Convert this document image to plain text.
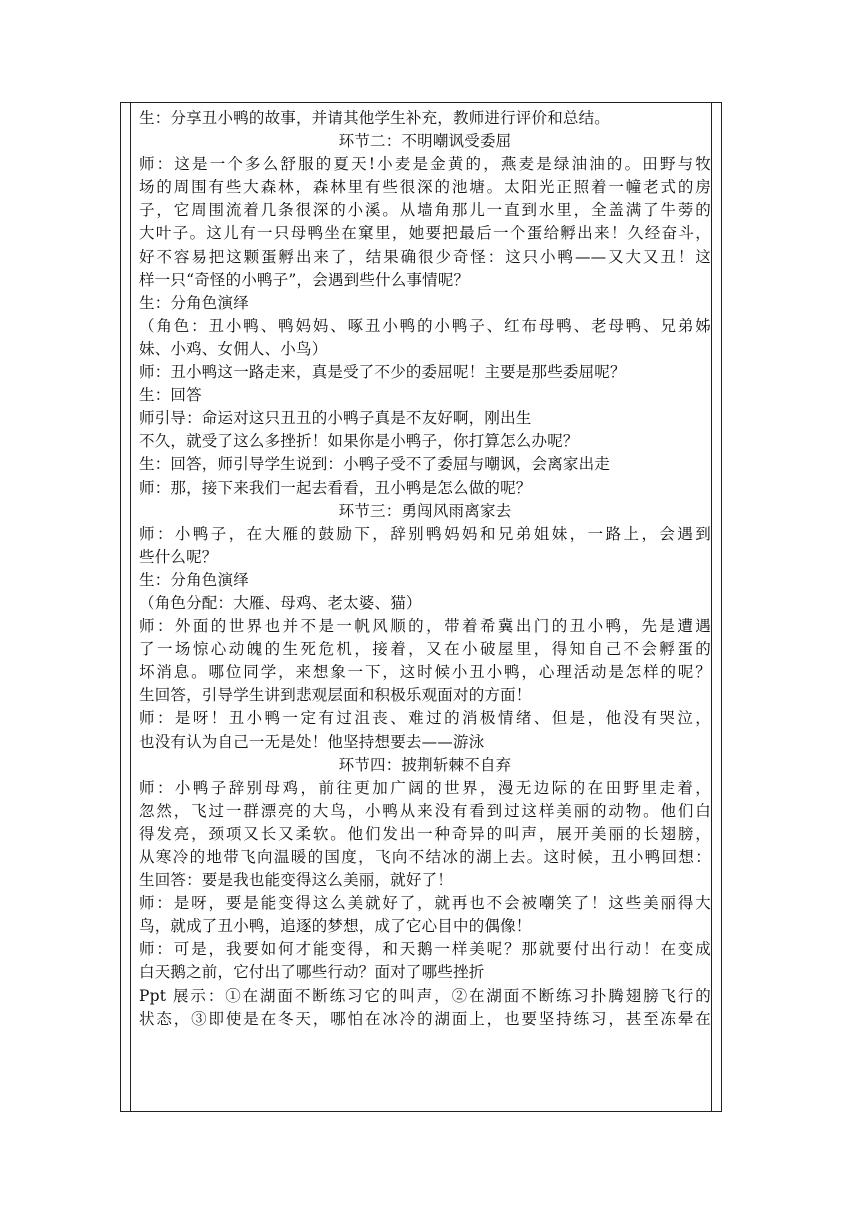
生：分享丑小鸭的故事，并请其他学生补充，教师进行评价和总结。
环节二：不明嘲讽受委屈
师：这是一个多么舒服的夏天!小麦是金黄的，燕麦是绿油油的。田野与牧
场的周围有些大森林，森林里有些很深的池塘。太阳光正照着一幢老式的房
子，它周围流着几条很深的小溪。从墙角那儿一直到水里，全盖满了牛蒡的
大叶子。这儿有一只母鸭坐在窠里，她要把最后一个蛋给孵出来！久经奋斗，
好不容易把这颗蛋孵出来了，结果确很少奇怪：这只小鸭——又大又丑！这
样一只“奇怪的小鸭子”，会遇到些什么事情呢？
生：分角色演绎
（角色：丑小鸭、鸭妈妈、啄丑小鸭的小鸭子、红布母鸭、老母鸭、兄弟姊
妹、小鸡、女佣人、小鸟）
师：丑小鸭这一路走来，真是受了不少的委屈呢！主要是那些委屈呢？
生：回答
师引导：命运对这只丑丑的小鸭子真是不友好啊，刚出生
不久，就受了这么多挫折！如果你是小鸭子，你打算怎么办呢？
生：回答，师引导学生说到：小鸭子受不了委屈与嘲讽，会离家出走
师：那，接下来我们一起去看看，丑小鸭是怎么做的呢？
环节三：勇闯风雨离家去
师：小鸭子，在大雁的鼓励下，辞别鸭妈妈和兄弟姐妹，一路上，会遇到
些什么呢？
生：分角色演绎
（角色分配：大雁、母鸡、老太婆、猫）
师：外面的世界也并不是一帆风顺的，带着希冀出门的丑小鸭，先是遭遇
了一场惊心动魄的生死危机，接着，又在小破屋里，得知自己不会孵蛋的
坏消息。哪位同学，来想象一下，这时候小丑小鸭，心理活动是怎样的呢？
生回答，引导学生讲到悲观层面和积极乐观面对的方面！
师：是呀！丑小鸭一定有过沮丧、难过的消极情绪、但是，他没有哭泣，
也没有认为自己一无是处！他坚持想要去——游泳
环节四：披荆斩棘不自弃
师：小鸭子辞别母鸡，前往更加广阔的世界，漫无边际的在田野里走着，
忽然，飞过一群漂亮的大鸟，小鸭从来没有看到过这样美丽的动物。他们白
得发亮，颈项又长又柔软。他们发出一种奇异的叫声，展开美丽的长翅膀，
从寒冷的地带飞向温暖的国度，飞向不结冰的湖上去。这时候，丑小鸭回想：
生回答：要是我也能变得这么美丽，就好了！
师：是呀，要是能变得这么美就好了，就再也不会被嘲笑了！这些美丽得大
鸟，就成了丑小鸭，追逐的梦想，成了它心目中的偶像！
师：可是，我要如何才能变得，和天鹅一样美呢？那就要付出行动！在变成
白天鹅之前，它付出了哪些行动？面对了哪些挫折
Ppt 展示：①在湖面不断练习它的叫声，②在湖面不断练习扑腾翅膀飞行的
状态，③即使是在冬天，哪怕在冰冷的湖面上，也要坚持练习，甚至冻晕在
